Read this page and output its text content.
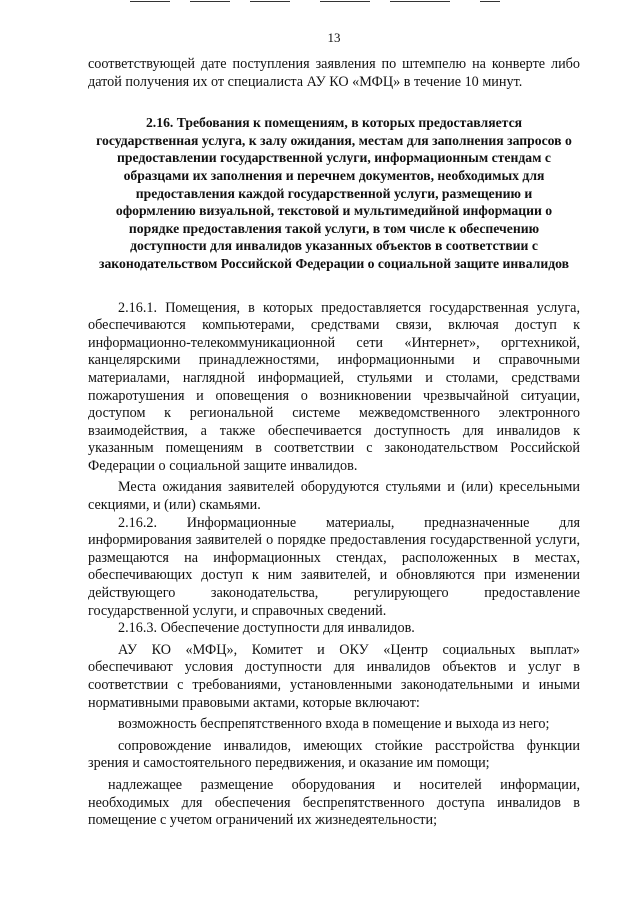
13

соответствующей дате поступления заявления по штемпелю на конверте либо датой получения их от специалиста АУ КО «МФЦ» в течение 10 минут.

2.16. Требования к помещениям, в которых предоставляется государственная услуга, к залу ожидания, местам для заполнения запросов о предоставлении государственной услуги, информационным стендам с образцами их заполнения и перечнем документов, необходимых для предоставления каждой государственной услуги, размещению и оформлению визуальной, текстовой и мультимедийной информации о порядке предоставления такой услуги, в том числе к обеспечению доступности для инвалидов указанных объектов в соответствии с законодательством Российской Федерации о социальной защите инвалидов

2.16.1. Помещения, в которых предоставляется государственная услуга, обеспечиваются компьютерами, средствами связи, включая доступ к информационно-телекоммуникационной сети «Интернет», оргтехникой, канцелярскими принадлежностями, информационными и справочными материалами, наглядной информацией, стульями и столами, средствами пожаротушения и оповещения о возникновении чрезвычайной ситуации, доступом к региональной системе межведомственного электронного взаимодействия, а также обеспечивается доступность для инвалидов к указанным помещениям в соответствии с законодательством Российской Федерации о социальной защите инвалидов.

Места ожидания заявителей оборудуются стульями и (или) кресельными секциями, и (или) скамьями.

2.16.2. Информационные материалы, предназначенные для информирования заявителей о порядке предоставления государственной услуги, размещаются на информационных стендах, расположенных в местах, обеспечивающих доступ к ним заявителей, и обновляются при изменении действующего законодательства, регулирующего предоставление государственной услуги, и справочных сведений.

2.16.3. Обеспечение доступности для инвалидов.

АУ КО «МФЦ», Комитет и ОКУ «Центр социальных выплат» обеспечивают условия доступности для инвалидов объектов и услуг в соответствии с требованиями, установленными законодательными и иными нормативными правовыми актами, которые включают:

возможность беспрепятственного входа в помещение и выхода из него;

сопровождение инвалидов, имеющих стойкие расстройства функции зрения и самостоятельного передвижения, и оказание им помощи;

надлежащее размещение оборудования и носителей информации, необходимых для обеспечения беспрепятственного доступа инвалидов в помещение с учетом ограничений их жизнедеятельности;
